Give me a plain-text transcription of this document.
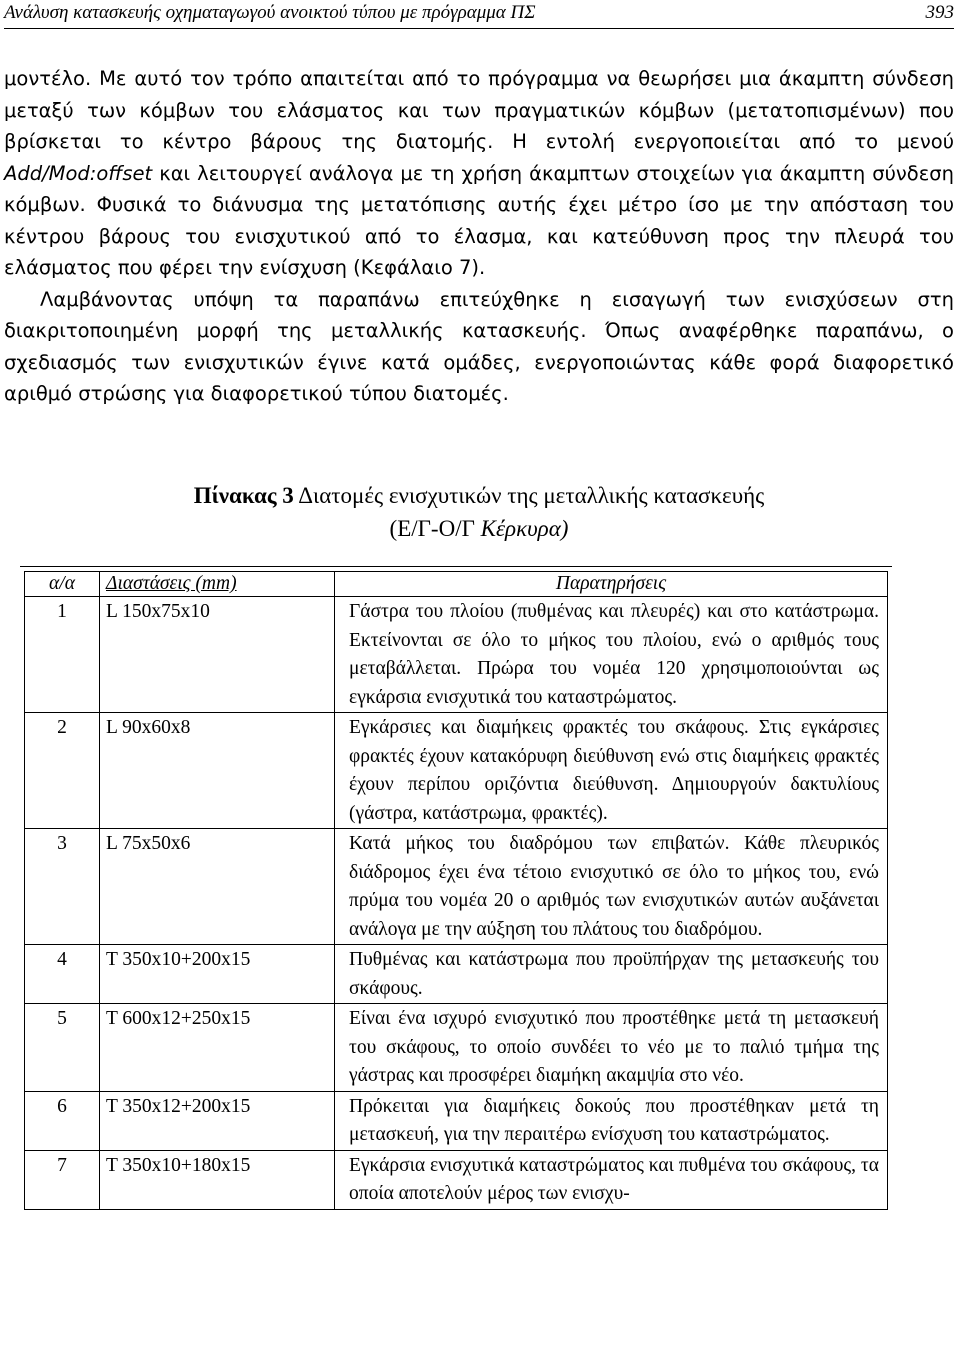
Ανάλυση κατασκευής οχηματαγωγού ανοικτού τύπου με πρόγραμμα ΠΣ	393

μοντέλο. Με αυτό τον τρόπο απαιτείται από το πρόγραμμα να θεωρήσει μια άκαμπτη σύνδεση μεταξύ των κόμβων του ελάσματος και των πραγματικών κόμβων (μετατοπισμένων) που βρίσκεται το κέντρο βάρους της διατομής. Η εντολή ενεργοποιείται από το μενού Add/Mod:offset και λειτουργεί ανάλογα με τη χρήση άκαμπτων στοιχείων για άκαμπτη σύνδεση κόμβων. Φυσικά το διάνυσμα της μετατόπισης αυτής έχει μέτρο ίσο με την απόσταση του κέντρου βάρους του ενισχυτικού από το έλασμα, και κατεύθυνση προς την πλευρά του ελάσματος που φέρει την ενίσχυση (Κεφάλαιο 7).

Λαμβάνοντας υπόψη τα παραπάνω επιτεύχθηκε η εισαγωγή των ενισχύσεων στη διακριτοποιημένη μορφή της μεταλλικής κατασκευής. Όπως αναφέρθηκε παραπάνω, ο σχεδιασμός των ενισχυτικών έγινε κατά ομάδες, ενεργοποιώντας κάθε φορά διαφορετικό αριθμό στρώσης για διαφορετικού τύπου διατομές.

Πίνακας 3 Διατομές ενισχυτικών της μεταλλικής κατασκευής
(Ε/Γ-Ο/Γ Κέρκυρα)
α/α	Διαστάσεις (mm)	Παρατηρήσεις
1	L 150x75x10	Γάστρα του πλοίου (πυθμένας και πλευρές) και στο κατάστρωμα. Εκτείνονται σε όλο το μήκος του πλοίου, ενώ ο αριθμός τους μεταβάλλεται. Πρώρα του νομέα 120 χρησιμοποιούνται ως εγκάρσια ενισχυτικά του καταστρώματος.
2	L 90x60x8	Εγκάρσιες και διαμήκεις φρακτές του σκάφους. Στις εγκάρσιες φρακτές έχουν κατακόρυφη διεύθυνση ενώ στις διαμήκεις φρακτές έχουν περίπου οριζόντια διεύθυνση. Δημιουργούν δακτυλίους (γάστρα, κατάστρωμα, φρακτές).
3	L 75x50x6	Κατά μήκος του διαδρόμου των επιβατών. Κάθε πλευρικός διάδρομος έχει ένα τέτοιο ενισχυτικό σε όλο το μήκος του, ενώ πρύμα του νομέα 20 ο αριθμός των ενισχυτικών αυτών αυξάνεται ανάλογα με την αύξηση του πλάτους του διαδρόμου.
4	T 350x10+200x15	Πυθμένας και κατάστρωμα που προϋπήρχαν της μετασκευής του σκάφους.
5	T 600x12+250x15	Είναι ένα ισχυρό ενισχυτικό που προστέθηκε μετά τη μετασκευή του σκάφους, το οποίο συνδέει το νέο με το παλιό τμήμα της γάστρας και προσφέρει διαμήκη ακαμψία στο νέο.
6	T 350x12+200x15	Πρόκειται για διαμήκεις δοκούς που προστέθηκαν μετά τη μετασκευή, για την περαιτέρω ενίσχυση του καταστρώματος.
7	T 350x10+180x15	Εγκάρσια ενισχυτικά καταστρώματος και πυθμένα του σκάφους, τα οποία αποτελούν μέρος των ενισχυ-
